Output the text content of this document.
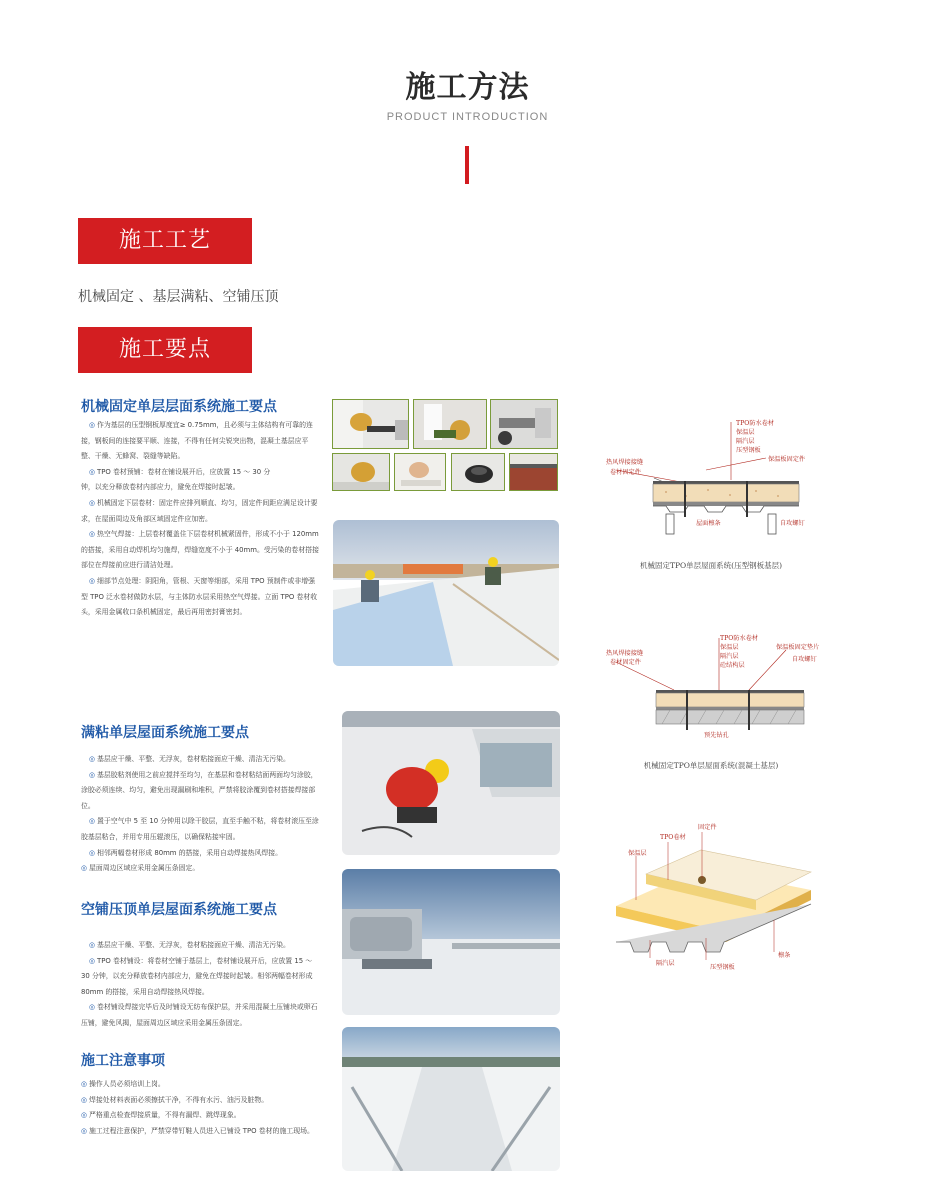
施工方法
PRODUCT INTRODUCTION
施工工艺
机械固定 、基层满粘、空铺压顶
施工要点
机械固定单层层面系统施工要点

◎ 作为基层的压型钢板厚度宜≥ 0.75mm，且必须与主体结构有可靠的连接，钢板间的连接要平顺、连接，不得有任何尖锐突出物，混凝土基层应平整、干燥、无蜂窝、裂缝等缺陷。

◎ TPO 卷材预铺：卷材在铺设展开后，应放置 15 ～ 30 分

钟，以充分释放卷材内部应力，避免在焊接时起皱。

◎ 机械固定下层卷材：固定件应排列顺直、均匀，固定件间距应满足设计要求，在屋面周边及角部区域固定件应加密。

◎ 热空气焊接：上层卷材覆盖住下层卷材机械紧固件，形成不小于 120mm 的搭接，采用自动焊机均匀施焊，焊缝宽度不小于 40mm。受污染的卷材搭接部位在焊接前应进行清洁处理。

◎ 细部节点处理：阴阳角，管根、天窗等细部，采用 TPO 预制件或非增强型 TPO 泛水卷材做防水层，与主体防水层采用热空气焊接。立面 TPO 卷材收头，采用金属收口条机械固定，最后再用密封膏密封。

满粘单层屋面系统施工要点

◎ 基层应干燥、平整、无浮灰，卷材粘接面应干燥、清洁无污染。

◎ 基层胶粘剂使用之前应搅拌至均匀，在基层和卷材粘结面两面均匀涂胶，涂胶必须连续、均匀，避免出现漏刷和堆积，严禁将胶涂覆到卷材搭接焊接部位。

◎ 置于空气中 5 至 10 分钟用以除干胶层，直至手触不粘，将卷材滚压至涂胶基层粘合，并用专用压辊滚压，以确保粘接牢固。

◎ 相邻两幅卷材形成 80mm 的搭接，采用自动焊接热风焊接。

◎ 屋面周边区域应采用金属压条固定。

空铺压顶单层屋面系统施工要点

◎ 基层应干燥、平整、无浮灰，卷材粘接面应干燥、清洁无污染。

◎ TPO 卷材铺设：将卷材空铺于基层上，卷材铺设展开后，应放置 15 ～ 30 分钟，以充分释放卷材内部应力，避免在焊接时起皱。相邻两幅卷材形成 80mm 的搭接，采用自动焊接热风焊接。

◎ 卷材铺设焊接完毕后及时铺设无纺布保护层，并采用混凝土压铺块或卵石压铺，避免风揭，屋面周边区域应采用金属压条固定。

施工注意事项

◎ 操作人员必须培训上岗。

◎ 焊接处材料表面必须擦拭干净，不得有水污、油污及脏物。

◎ 严格重点检查焊接质量，不得有漏焊、跳焊现象。

◎ 施工过程注意保护，严禁穿带钉鞋人员进入已铺设 TPO 卷材的施工现场。

TPO防水卷材
保温层
隔汽层
压型钢板
保温板固定件
热风焊接接缝
卷材固定件
屋面檩条	自攻螺钉
机械固定TPO单层屋面系统(压型钢板基层)
TPO防水卷材
保温层
隔汽层
砼结构层
保温板固定垫片
自攻螺钉
热风焊接接缝
卷材固定件
预先钻孔
机械固定TPO单层屋面系统(混凝土基层)
固定件
TPO卷材
保温层
隔汽层
压型钢板
檩条
